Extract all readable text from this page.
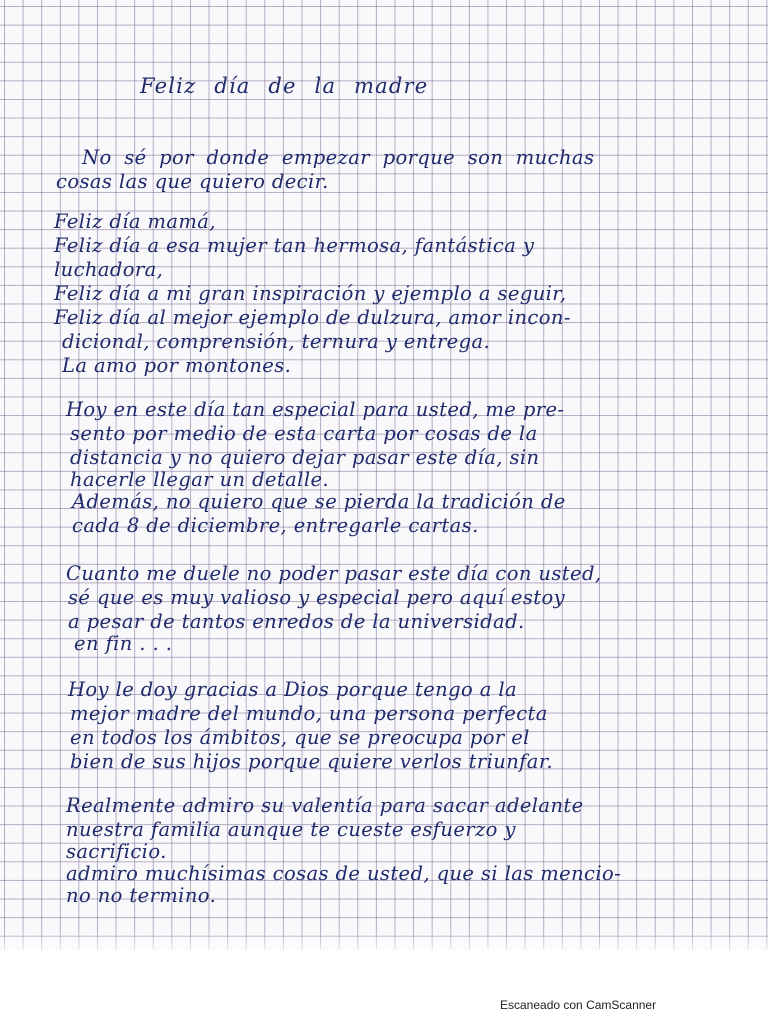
Feliz día de la madre

No sé por donde empezar porque son muchas

cosas las que quiero decir.

Feliz día mamá,

Feliz día a esa mujer tan hermosa, fantástica y

luchadora,

Feliz día a mi gran inspiración y ejemplo a seguir,

Feliz día al mejor ejemplo de dulzura, amor incon-

dicional, comprensión, ternura y entrega.

La amo por montones.

Hoy en este día tan especial para usted, me pre-

sento por medio de esta carta por cosas de la

distancia y no quiero dejar pasar este día, sin

hacerle llegar un detalle.

Además, no quiero que se pierda la tradición de

cada 8 de diciembre, entregarle cartas.

Cuanto me duele no poder pasar este día con usted,

sé que es muy valioso y especial pero aquí estoy

a pesar de tantos enredos de la universidad.

en fin . . .

Hoy le doy gracias a Dios porque tengo a la

mejor madre del mundo, una persona perfecta

en todos los ámbitos, que se preocupa por el

bien de sus hijos porque quiere verlos triunfar.

Realmente admiro su valentía para sacar adelante

nuestra familia aunque te cueste esfuerzo y

sacrificio.

admiro muchísimas cosas de usted, que si las mencio-

no no termino.

Escaneado con CamScanner
